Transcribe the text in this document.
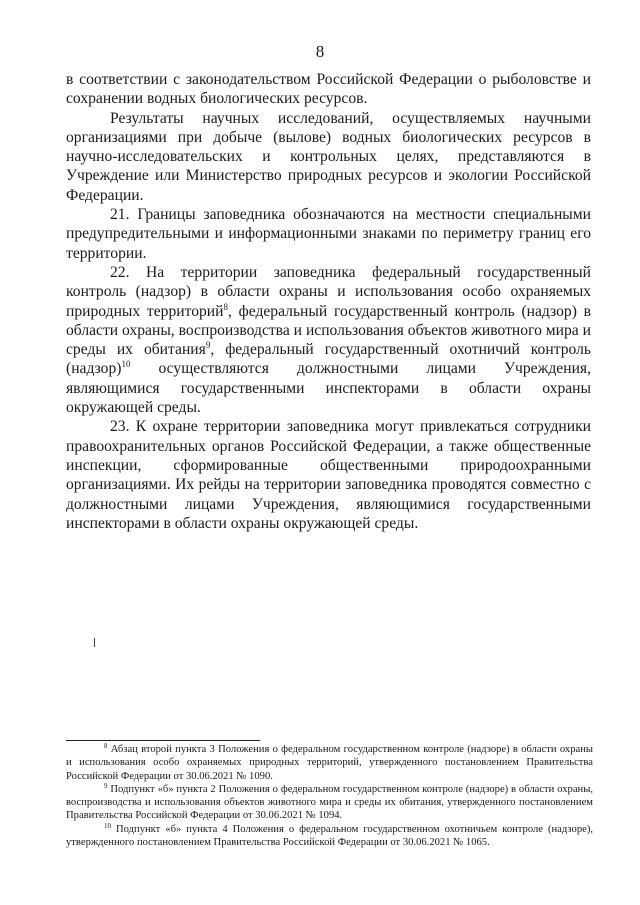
8

в соответствии с законодательством Российской Федерации о рыболовстве и сохранении водных биологических ресурсов.

Результаты научных исследований, осуществляемых научными организациями при добыче (вылове) водных биологических ресурсов в научно-исследовательских и контрольных целях, представляются в Учреждение или Министерство природных ресурсов и экологии Российской Федерации.

21. Границы заповедника обозначаются на местности специальными предупредительными и информационными знаками по периметру границ его территории.

22. На территории заповедника федеральный государственный контроль (надзор) в области охраны и использования особо охраняемых природных территорий$^8$, федеральный государственный контроль (надзор) в области охраны, воспроизводства и использования объектов животного мира и среды их обитания$^9$, федеральный государственный охотничий контроль (надзор)$^{10}$ осуществляются должностными лицами Учреждения, являющимися государственными инспекторами в области охраны окружающей среды.

23. К охране территории заповедника могут привлекаться сотрудники правоохранительных органов Российской Федерации, а также общественные инспекции, сформированные общественными природоохранными организациями. Их рейды на территории заповедника проводятся совместно с должностными лицами Учреждения, являющимися государственными инспекторами в области охраны окружающей среды.

$^8$ Абзац второй пункта 3 Положения о федеральном государственном контроле (надзоре) в области охраны и использования особо охраняемых природных территорий, утвержденного постановлением Правительства Российской Федерации от 30.06.2021 № 1090.

$^9$ Подпункт «б» пункта 2 Положения о федеральном государственном контроле (надзоре) в области охраны, воспроизводства и использования объектов животного мира и среды их обитания, утвержденного постановлением Правительства Российской Федерации от 30.06.2021 № 1094.

$^{10}$ Подпункт «б» пункта 4 Положения о федеральном государственном охотничьем контроле (надзоре), утвержденного постановлением Правительства Российской Федерации от 30.06.2021 № 1065.
